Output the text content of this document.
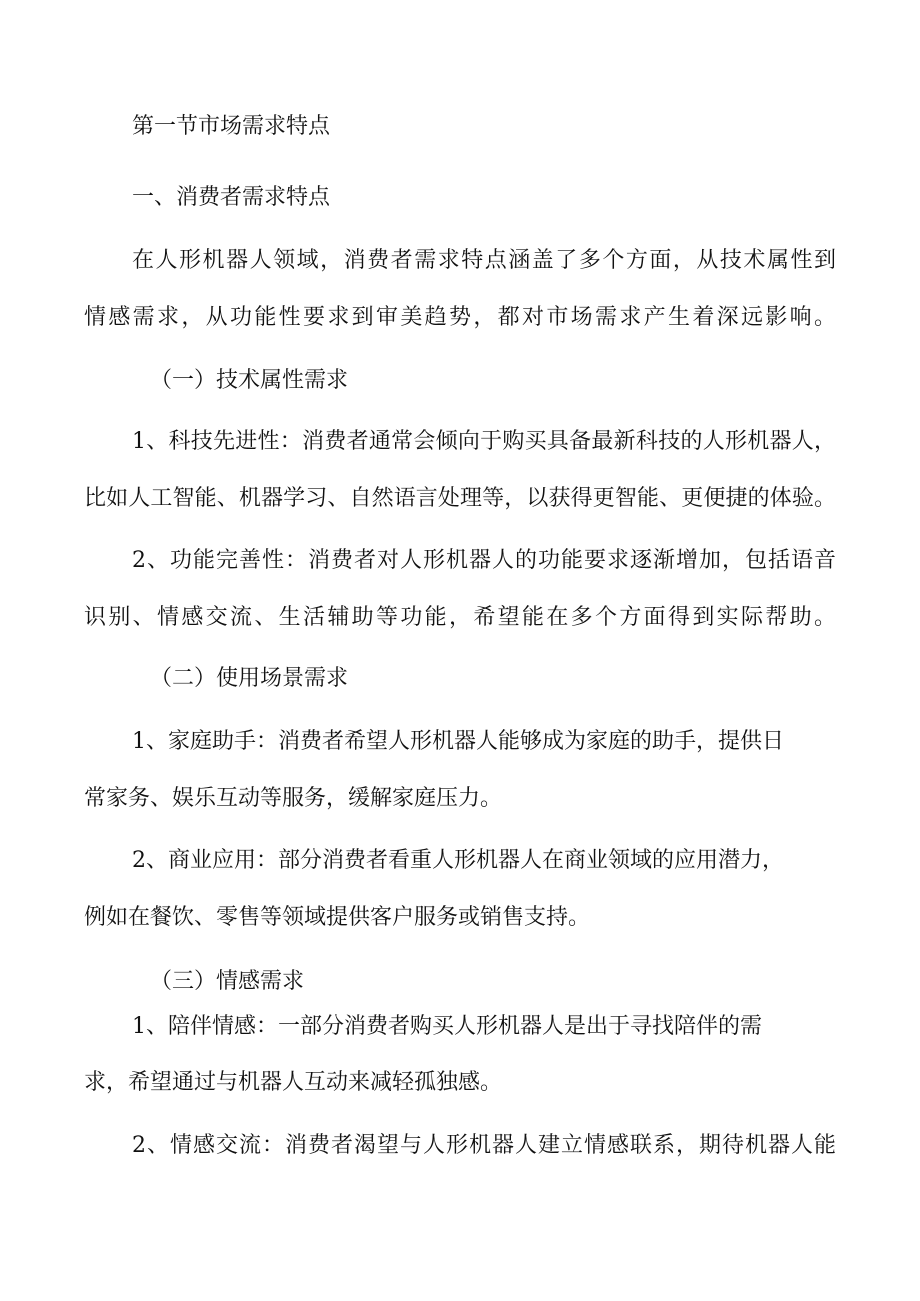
第一节市场需求特点
一、消费者需求特点
在人形机器人领域，消费者需求特点涵盖了多个方面，从技术属性到
情感需求，从功能性要求到审美趋势，都对市场需求产生着深远影响。
（一）技术属性需求
1、科技先进性：消费者通常会倾向于购买具备最新科技的人形机器人，
比如人工智能、机器学习、自然语言处理等，以获得更智能、更便捷的体验。
2、功能完善性：消费者对人形机器人的功能要求逐渐增加，包括语音
识别、情感交流、生活辅助等功能，希望能在多个方面得到实际帮助。
（二）使用场景需求
1、家庭助手：消费者希望人形机器人能够成为家庭的助手，提供日
常家务、娱乐互动等服务，缓解家庭压力。
2、商业应用：部分消费者看重人形机器人在商业领域的应用潜力，
例如在餐饮、零售等领域提供客户服务或销售支持。
（三）情感需求
1、陪伴情感：一部分消费者购买人形机器人是出于寻找陪伴的需
求，希望通过与机器人互动来减轻孤独感。
2、情感交流：消费者渴望与人形机器人建立情感联系，期待机器人能
